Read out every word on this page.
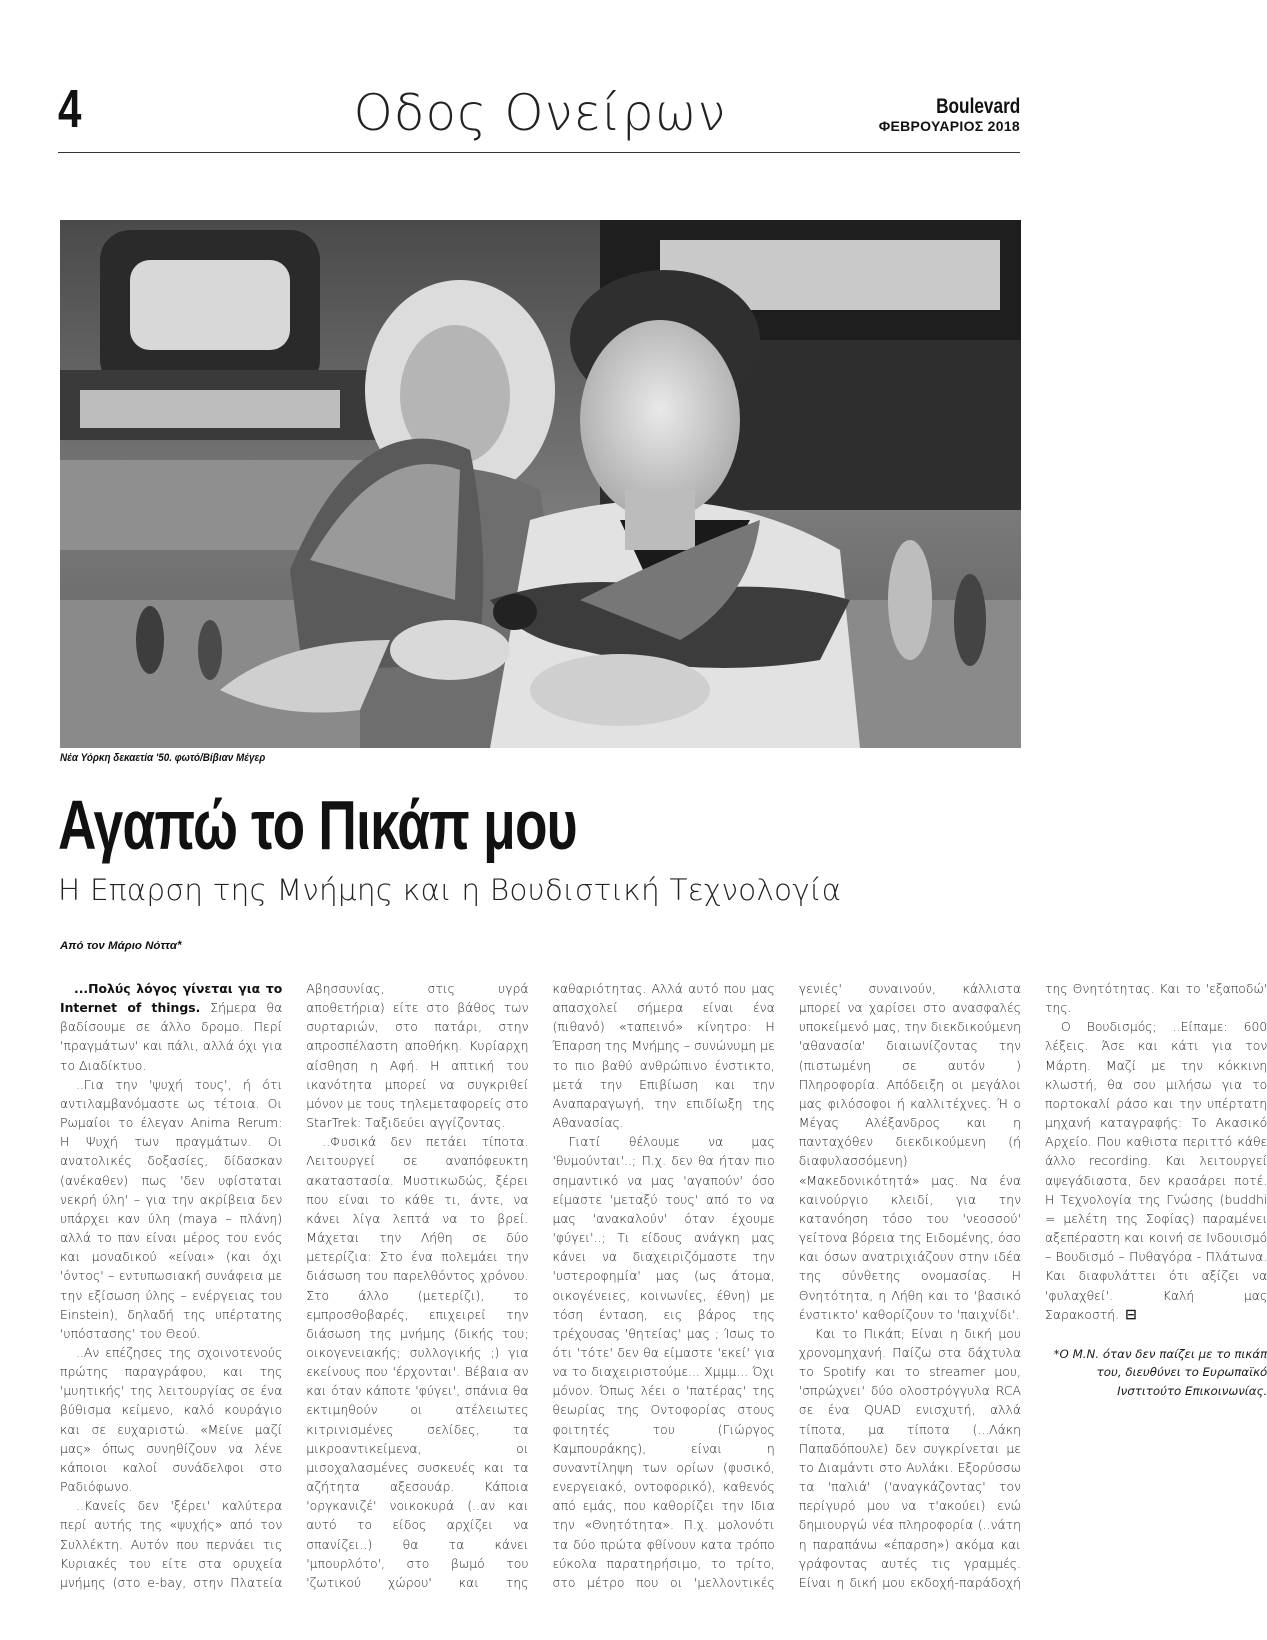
4	Οδος Ονείρων	Boulevard
ΦΕΒΡΟΥΑΡΙΟΣ 2018
Νέα Υόρκη δεκαετία '50. φωτό/Βίβιαν Μέγερ
Αγαπώ το Πικάπ μου
Η Επαρση της Μνήμης και η Βουδιστική Τεχνολογία
Από τον Μάριο Νόττα*

...Πολύς λόγος γίνεται για το Internet of things. Σήμερα θα βαδίσουμε σε άλλο δρομο. Περί 'πραγμάτων' και πάλι, αλλά όχι για το Διαδίκτυο.

..Για την 'ψυχή τους', ή ότι αντιλαμβανόμαστε ως τέτοια. Οι Ρωμαίοι το έλεγαν Anima Rerum: Η Ψυχή των πραγμάτων. Οι ανατολικές δοξασίες, δίδασκαν (ανέκαθεν) πως 'δεν υφίσταται νεκρή ύλη' – για την ακρίβεια δεν υπάρχει καν ύλη (maya – πλάνη) αλλά το παν είναι μέρος του ενός και μοναδικού «είναι» (και όχι 'όντος' – εντυπωσιακή συνάφεια με την εξίσωση ύλης – ενέργειας του Einstein), δηλαδή της υπέρτατης 'υπόστασης' του Θεού.

..Αν επέζησες της σχοινοτενούς πρώτης παραγράφου, και της 'μυητικής' της λειτουργίας σε ένα βύθισμα κείμενο, καλό κουράγιο και σε ευχαριστώ. «Μείνε μαζί μας» όπως συνηθίζουν να λένε κάποιοι καλοί συνάδελφοι στο Ραδιόφωνο.

..Κανείς δεν 'ξέρει' καλύτερα περί αυτής της «ψυχής» από τον Συλλέκτη. Αυτόν που περνάει τις Κυριακές του είτε στα ορυχεία μνήμης (στο e-bay, στην Πλατεία Αβησσυνίας, στις υγρά αποθετήρια) είτε στο βάθος των συρταριών, στο πατάρι, στην απροσπέλαστη αποθήκη. Κυρίαρχη αίσθηση η Αφή. Η απτική του ικανότητα μπορεί να συγκριθεί μόνον με τους τηλεμεταφορείς στο StarTrek: Ταξιδεύει αγγίζοντας.

..Φυσικά δεν πετάει τίποτα. Λειτουργεί σε αναπόφευκτη ακαταστασία. Μυστικωδώς, ξέρει που είναι το κάθε τι, άντε, να κάνει λίγα λεπτά να το βρεί. Μάχεται την Λήθη σε δύο μετερίζια: Στο ένα πολεμάει την διάσωση του παρελθόντος χρόνου. Στο άλλο (μετερίζι), το εμπροσθοβαρές, επιχειρεί την διάσωση της μνήμης (δικής του; οικογενειακής; συλλογικής ;) για εκείνους που 'έρχονται'. Βέβαια αν και όταν κάποτε 'φύγει', σπάνια θα εκτιμηθούν οι ατέλειωτες κιτρινισμένες σελίδες, τα μικροαντικείμενα, οι μισοχαλασμένες συσκευές και τα αζήτητα αξεσουάρ. Κάποια 'οργκανιζέ' νοικοκυρά (..αν και αυτό το είδος αρχίζει να σπανίζει..) θα τα κάνει 'μπουρλότο', στο βωμό του 'ζωτικού χώρου' και της καθαριότητας. Αλλά αυτό που μας απασχολεί σήμερα είναι ένα (πιθανό) «ταπεινό» κίνητρο: Η Έπαρση της Μνήμης – συνώνυμη με το πιο βαθύ ανθρώπινο ένστικτο, μετά την Επιβίωση και την Αναπαραγωγή, την επιδίωξη της Αθανασίας.

Γιατί θέλουμε να μας 'θυμούνται'..; Π.χ. δεν θα ήταν πιο σημαντικό να μας 'αγαπούν' όσο είμαστε 'μεταξύ τους' από το να μας 'ανακαλούν' όταν έχουμε 'φύγει'..; Τι είδους ανάγκη μας κάνει να διαχειριζόμαστε την 'υστεροφημία' μας (ως άτομα, οικογένειες, κοινωνίες, έθνη) με τόση ένταση, εις βάρος της τρέχουσας 'θητείας' μας ; Ίσως το ότι 'τότε' δεν θα είμαστε 'εκεί' για να το διαχειριστούμε... Χμμμ... Όχι μόνον. Όπως λέει ο 'πατέρας' της θεωρίας της Οντοφορίας στους φοιτητές του (Γιώργος Καμπουράκης), είναι η συναντίληψη των ορίων (φυσικό, ενεργειακό, οντοφορικό), καθενός από εμάς, που καθορίζει την Ιδια την «Θνητότητα». Π.χ. μολονότι τα δύο πρώτα φθίνουν κατα τρόπο εύκολα παρατηρήσιμο, το τρίτο, στο μέτρο που οι 'μελλοντικές γενιές' συναινούν, κάλλιστα μπορεί να χαρίσει στο ανασφαλές υποκείμενό μας, την διεκδικούμενη 'αθανασία' διαιωνίζοντας την (πιστωμένη σε αυτόν ) Πληροφορία. Απόδειξη οι μεγάλοι μας φιλόσοφοι ή καλλιτέχνες. Ή ο Μέγας Αλέξανδρος και η πανταχόθεν διεκδικούμενη (ή διαφυλασσόμενη) «Μακεδονικότητά» μας. Να ένα καινούργιο κλειδί, για την κατανόηση τόσο του 'νεοσσού' γείτονα βόρεια της Ειδομένης, όσο και όσων ανατριχιάζουν στην ιδέα της σύνθετης ονομασίας. Η Θνητότητα, η Λήθη και το 'βασικό ένστικτο' καθορίζουν το 'παιχνίδι'.

Και το Πικάπ; Είναι η δική μου χρονομηχανή. Παίζω στα δάχτυλα το Spotify και το streamer μου, 'σπρώχνει' δύο ολοστρόγγυλα RCA σε ένα QUAD ενισχυτή, αλλά τίποτα, μα τίποτα (...Λάκη Παπαδόπουλε) δεν συγκρίνεται με το Διαμάντι στο Αυλάκι. Εξορύσσω τα 'παλιά' ('αναγκάζοντας' τον περίγυρό μου να τ'ακούει) ενώ δημιουργώ νέα πληροφορία (..νάτη η παραπάνω «έπαρση») ακόμα και γράφοντας αυτές τις γραμμές. Είναι η δική μου εκδοχή-παράδοχή της Θνητότητας. Και το 'εξαποδώ' της.

Ο Βουδισμός; ..Είπαμε: 600 λέξεις. Άσε και κάτι για τον Μάρτη. Μαζί με την κόκκινη κλωστή, θα σου μιλήσω για το πορτοκαλί ράσο και την υπέρτατη μηχανή καταγραφής: Το Ακασικό Αρχείο. Που καθιστα περιττό κάθε άλλο recording. Και λειτουργεί αψεγάδιαστα, δεν κρασάρει ποτέ. Η Τεχνολογία της Γνώσης (buddhi = μελέτη της Σοφίας) παραμένει αξεπέραστη και κοινή σε Ινδουισμό – Βουδισμό – Πυθαγόρα - Πλάτωνα. Και διαφυλάττει ότι αξίζει να 'φυλαχθεί'. Καλή μας Σαρακοστή. ⊟

*Ο Μ.Ν. όταν δεν παίζει με το πικάπ του, διευθύνει το Ευρωπαϊκό Ινστιτούτο Επικοινωνίας.
